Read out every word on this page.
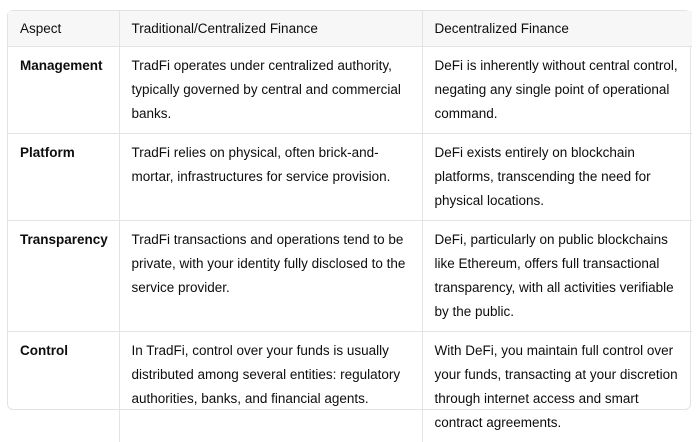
Aspect	Traditional/Centralized Finance	Decentralized Finance
Management	TradFi operates under centralized authority, typically governed by central and commercial banks.	DeFi is inherently without central control, negating any single point of operational command.
Platform	TradFi relies on physical, often brick-and-mortar, infrastructures for service provision.	DeFi exists entirely on blockchain platforms, transcending the need for physical locations.
Transparency	TradFi transactions and operations tend to be private, with your identity fully disclosed to the service provider.	DeFi, particularly on public blockchains like Ethereum, offers full transactional transparency, with all activities verifiable by the public.
Control	In TradFi, control over your funds is usually distributed among several entities: regulatory authorities, banks, and financial agents.	With DeFi, you maintain full control over your funds, transacting at your discretion through internet access and smart contract agreements.
